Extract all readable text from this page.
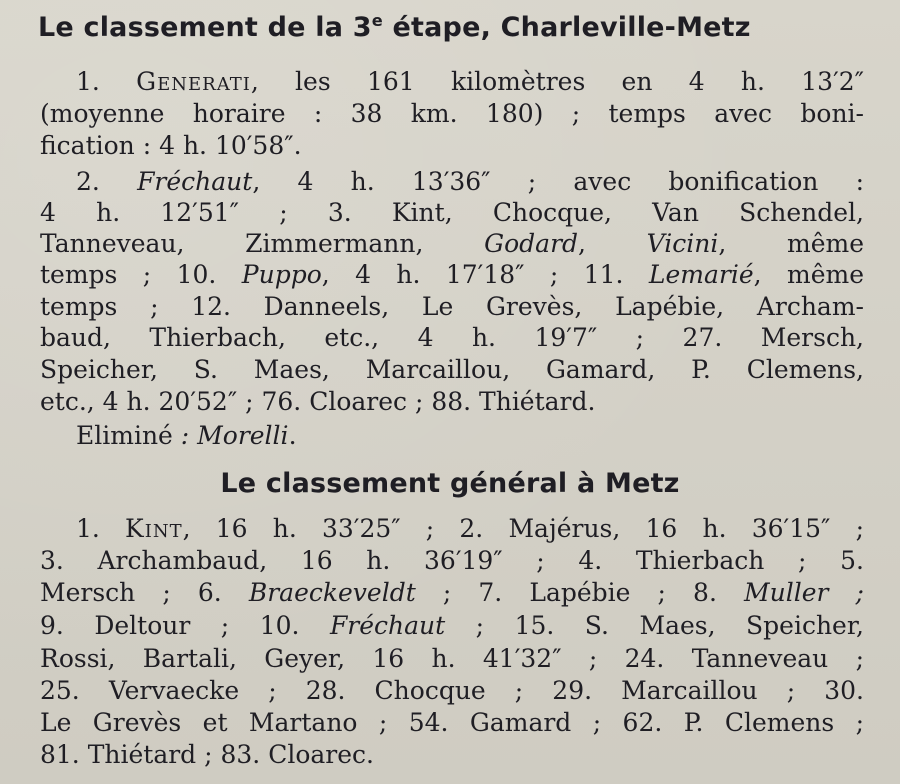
Le classement de la 3e étape, Charleville-Metz
1. Generati, les 161 kilomètres en 4 h. 13′2″
(moyenne horaire : 38 km. 180) ; temps avec boni-
fication : 4 h. 10′58″.
2. Fréchaut, 4 h. 13′36″ ; avec bonification :
4 h. 12′51″ ; 3. Kint, Chocque, Van Schendel,
Tanneveau, Zimmermann, Godard, Vicini, même
temps ; 10. Puppo, 4 h. 17′18″ ; 11. Lemarié, même
temps ; 12. Danneels, Le Grevès, Lapébie, Archam-
baud, Thierbach, etc., 4 h. 19′7″ ; 27. Mersch,
Speicher, S. Maes, Marcaillou, Gamard, P. Clemens,
etc., 4 h. 20′52″ ; 76. Cloarec ; 88. Thiétard.
Eliminé : Morelli.
Le classement général à Metz
1. Kint, 16 h. 33′25″ ; 2. Majérus, 16 h. 36′15″ ;
3. Archambaud, 16 h. 36′19″ ; 4. Thierbach ; 5.
Mersch ; 6. Braeckeveldt ; 7. Lapébie ; 8. Muller ;
9. Deltour ; 10. Fréchaut ; 15. S. Maes, Speicher,
Rossi, Bartali, Geyer, 16 h. 41′32″ ; 24. Tanneveau ;
25. Vervaecke ; 28. Chocque ; 29. Marcaillou ; 30.
Le Grevès et Martano ; 54. Gamard ; 62. P. Clemens ;
81. Thiétard ; 83. Cloarec.
